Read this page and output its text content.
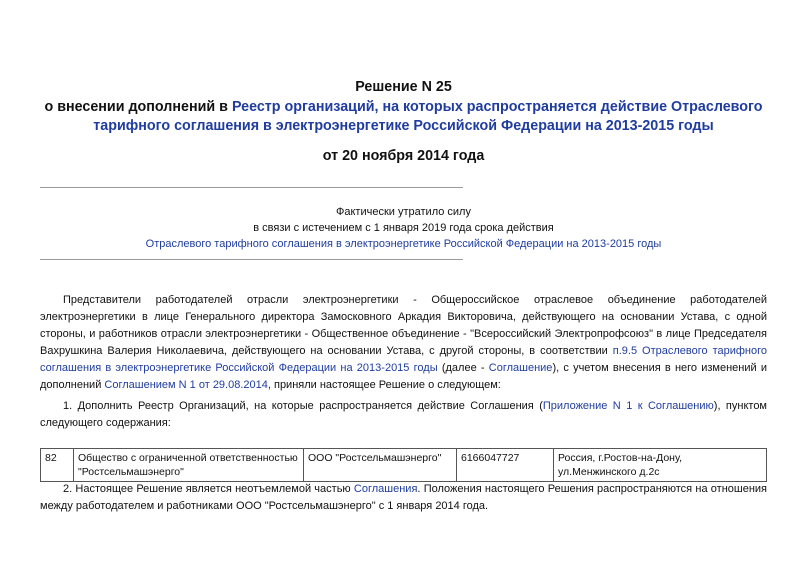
Решение N 25
о внесении дополнений в Реестр организаций, на которых распространяется действие Отраслевого тарифного соглашения в электроэнергетике Российской Федерации на 2013-2015 годы
от 20 ноября 2014 года
Фактически утратило силу
в связи с истечением с 1 января 2019 года срока действия
Отраслевого тарифного соглашения в электроэнергетике Российской Федерации на 2013-2015 годы

Представители работодателей отрасли электроэнергетики - Общероссийское отраслевое объединение работодателей электроэнергетики в лице Генерального директора Замосковного Аркадия Викторовича, действующего на основании Устава, с одной стороны, и работников отрасли электроэнергетики - Общественное объединение - "Всероссийский Электропрофсоюз" в лице Председателя Вахрушкина Валерия Николаевича, действующего на основании Устава, с другой стороны, в соответствии п.9.5 Отраслевого тарифного соглашения в электроэнергетике Российской Федерации на 2013-2015 годы (далее - Соглашение), с учетом внесения в него изменений и дополнений Соглашением N 1 от 29.08.2014, приняли настоящее Решение о следующем:

1. Дополнить Реестр Организаций, на которые распространяется действие Соглашения (Приложение N 1 к Соглашению), пунктом следующего содержания:

82	Общество с ограниченной ответственностью "Ростсельмашэнерго"	ООО "Ростсельмашэнерго"	6166047727	Россия, г.Ростов-на-Дону, ул.Менжинского д.2с

2. Настоящее Решение является неотъемлемой частью Соглашения. Положения настоящего Решения распространяются на отношения между работодателем и работниками ООО "Ростсельмашэнерго" с 1 января 2014 года.
